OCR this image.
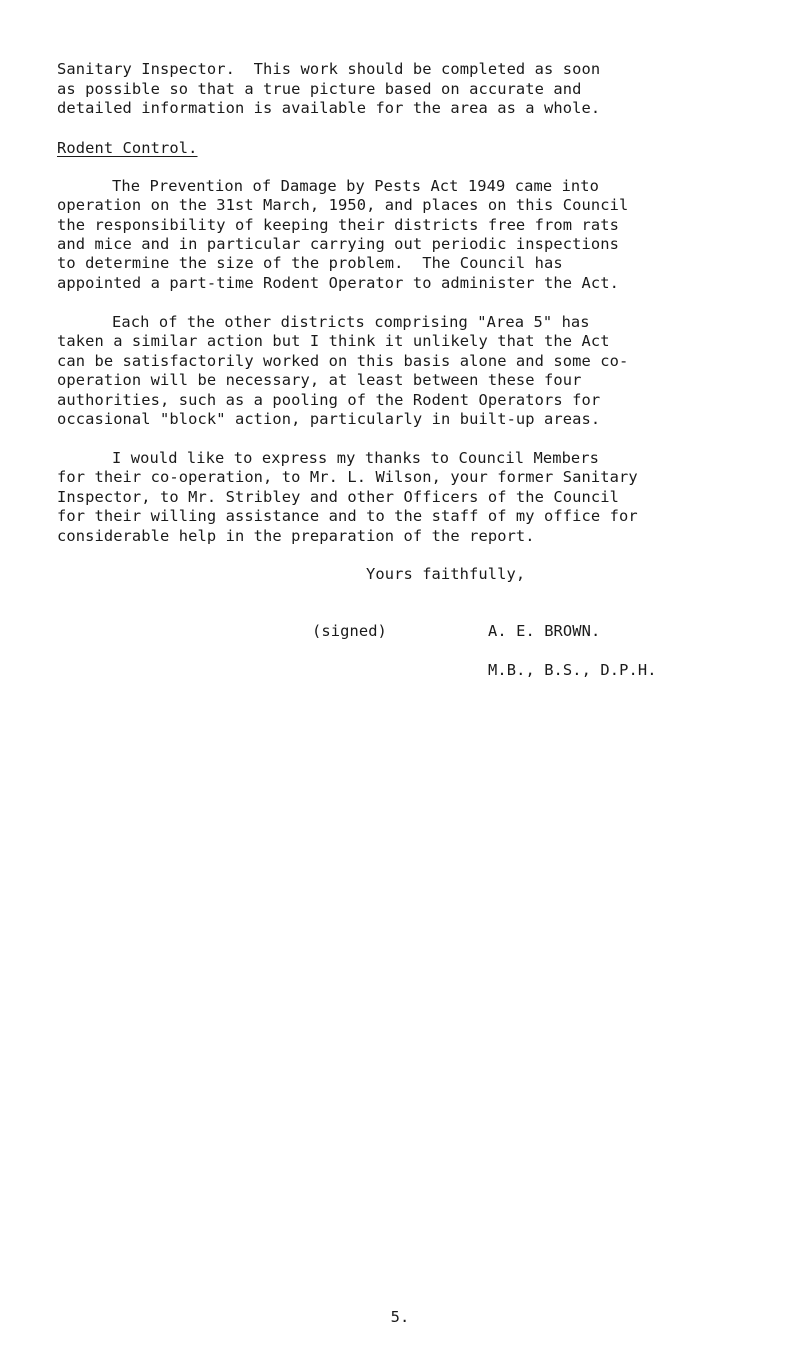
Sanitary Inspector.  This work should be completed as soon
as possible so that a true picture based on accurate and
detailed information is available for the area as a whole.
Rodent Control.
The Prevention of Damage by Pests Act 1949 came into
operation on the 31st March, 1950, and places on this Council
the responsibility of keeping their districts free from rats
and mice and in particular carrying out periodic inspections
to determine the size of the problem.  The Council has
appointed a part-time Rodent Operator to administer the Act.
Each of the other districts comprising "Area 5" has
taken a similar action but I think it unlikely that the Act
can be satisfactorily worked on this basis alone and some co-
operation will be necessary, at least between these four
authorities, such as a pooling of the Rodent Operators for
occasional "block" action, particularly in built-up areas.
I would like to express my thanks to Council Members
for their co-operation, to Mr. L. Wilson, your former Sanitary
Inspector, to Mr. Stribley and other Officers of the Council
for their willing assistance and to the staff of my office for
considerable help in the preparation of the report.
Yours faithfully,
(signed)	A. E. BROWN.
M.B., B.S., D.P.H.
5.
